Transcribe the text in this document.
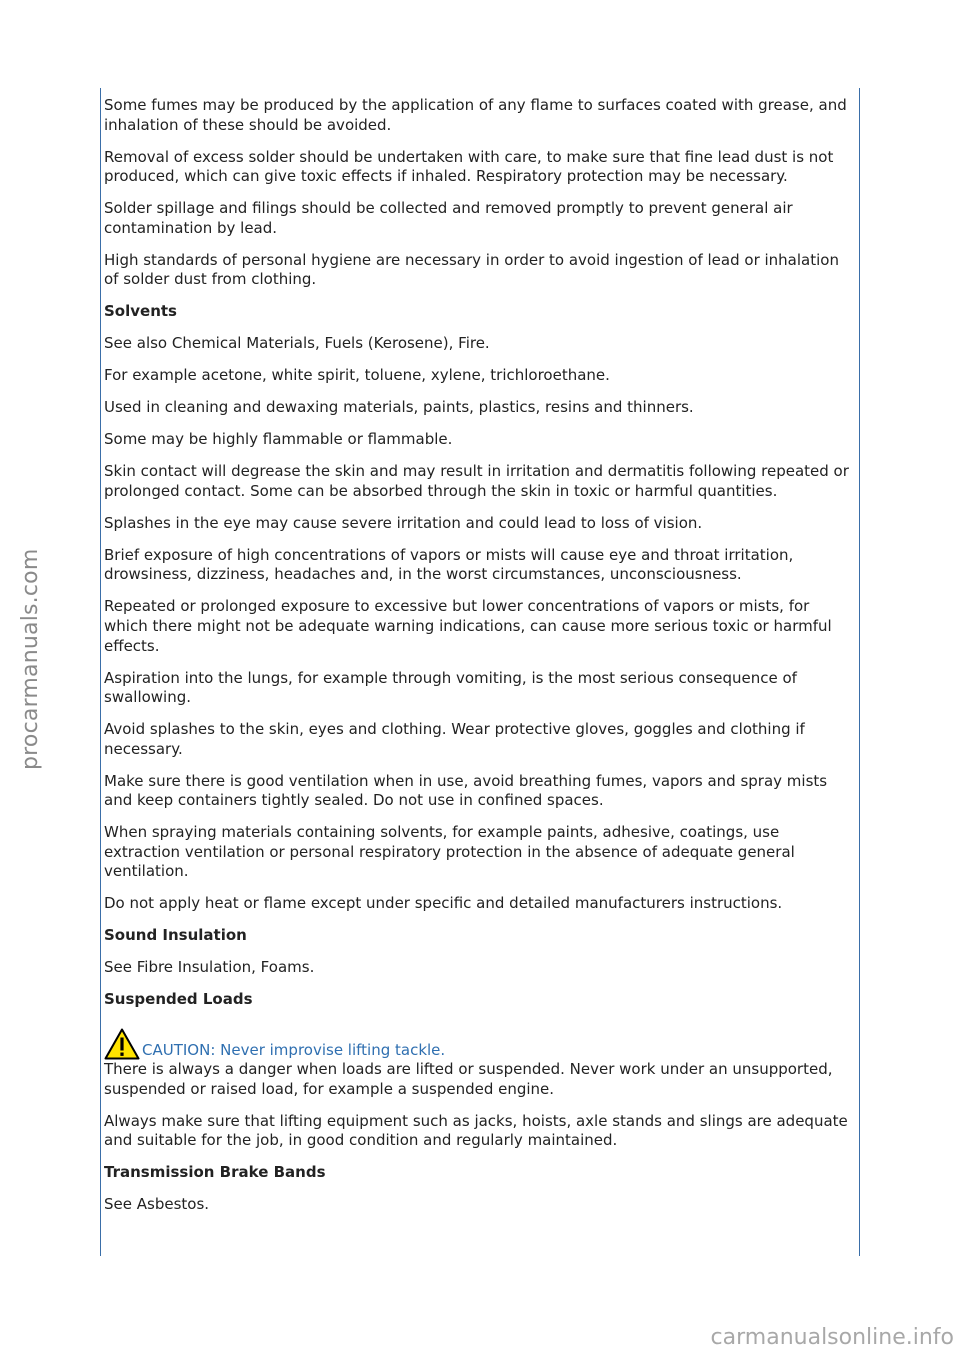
Some fumes may be produced by the application of any flame to surfaces coated with grease, and inhalation of these should be avoided.

Removal of excess solder should be undertaken with care, to make sure that fine lead dust is not produced, which can give toxic effects if inhaled. Respiratory protection may be necessary.

Solder spillage and filings should be collected and removed promptly to prevent general air contamination by lead.

High standards of personal hygiene are necessary in order to avoid ingestion of lead or inhalation of solder dust from clothing.

Solvents

See also Chemical Materials, Fuels (Kerosene), Fire.

For example acetone, white spirit, toluene, xylene, trichloroethane.

Used in cleaning and dewaxing materials, paints, plastics, resins and thinners.

Some may be highly flammable or flammable.

Skin contact will degrease the skin and may result in irritation and dermatitis following repeated or prolonged contact. Some can be absorbed through the skin in toxic or harmful quantities.

Splashes in the eye may cause severe irritation and could lead to loss of vision.

Brief exposure of high concentrations of vapors or mists will cause eye and throat irritation, drowsiness, dizziness, headaches and, in the worst circumstances, unconsciousness.

Repeated or prolonged exposure to excessive but lower concentrations of vapors or mists, for which there might not be adequate warning indications, can cause more serious toxic or harmful effects.

Aspiration into the lungs, for example through vomiting, is the most serious consequence of swallowing.

Avoid splashes to the skin, eyes and clothing. Wear protective gloves, goggles and clothing if necessary.

Make sure there is good ventilation when in use, avoid breathing fumes, vapors and spray mists and keep containers tightly sealed. Do not use in confined spaces.

When spraying materials containing solvents, for example paints, adhesive, coatings, use extraction ventilation or personal respiratory protection in the absence of adequate general ventilation.

Do not apply heat or flame except under specific and detailed manufacturers instructions.

Sound Insulation

See Fibre Insulation, Foams.

Suspended Loads

CAUTION: Never improvise lifting tackle.

There is always a danger when loads are lifted or suspended. Never work under an unsupported, suspended or raised load, for example a suspended engine.

Always make sure that lifting equipment such as jacks, hoists, axle stands and slings are adequate and suitable for the job, in good condition and regularly maintained.

Transmission Brake Bands

See Asbestos.

procarmanuals.com
carmanualsonline.info
